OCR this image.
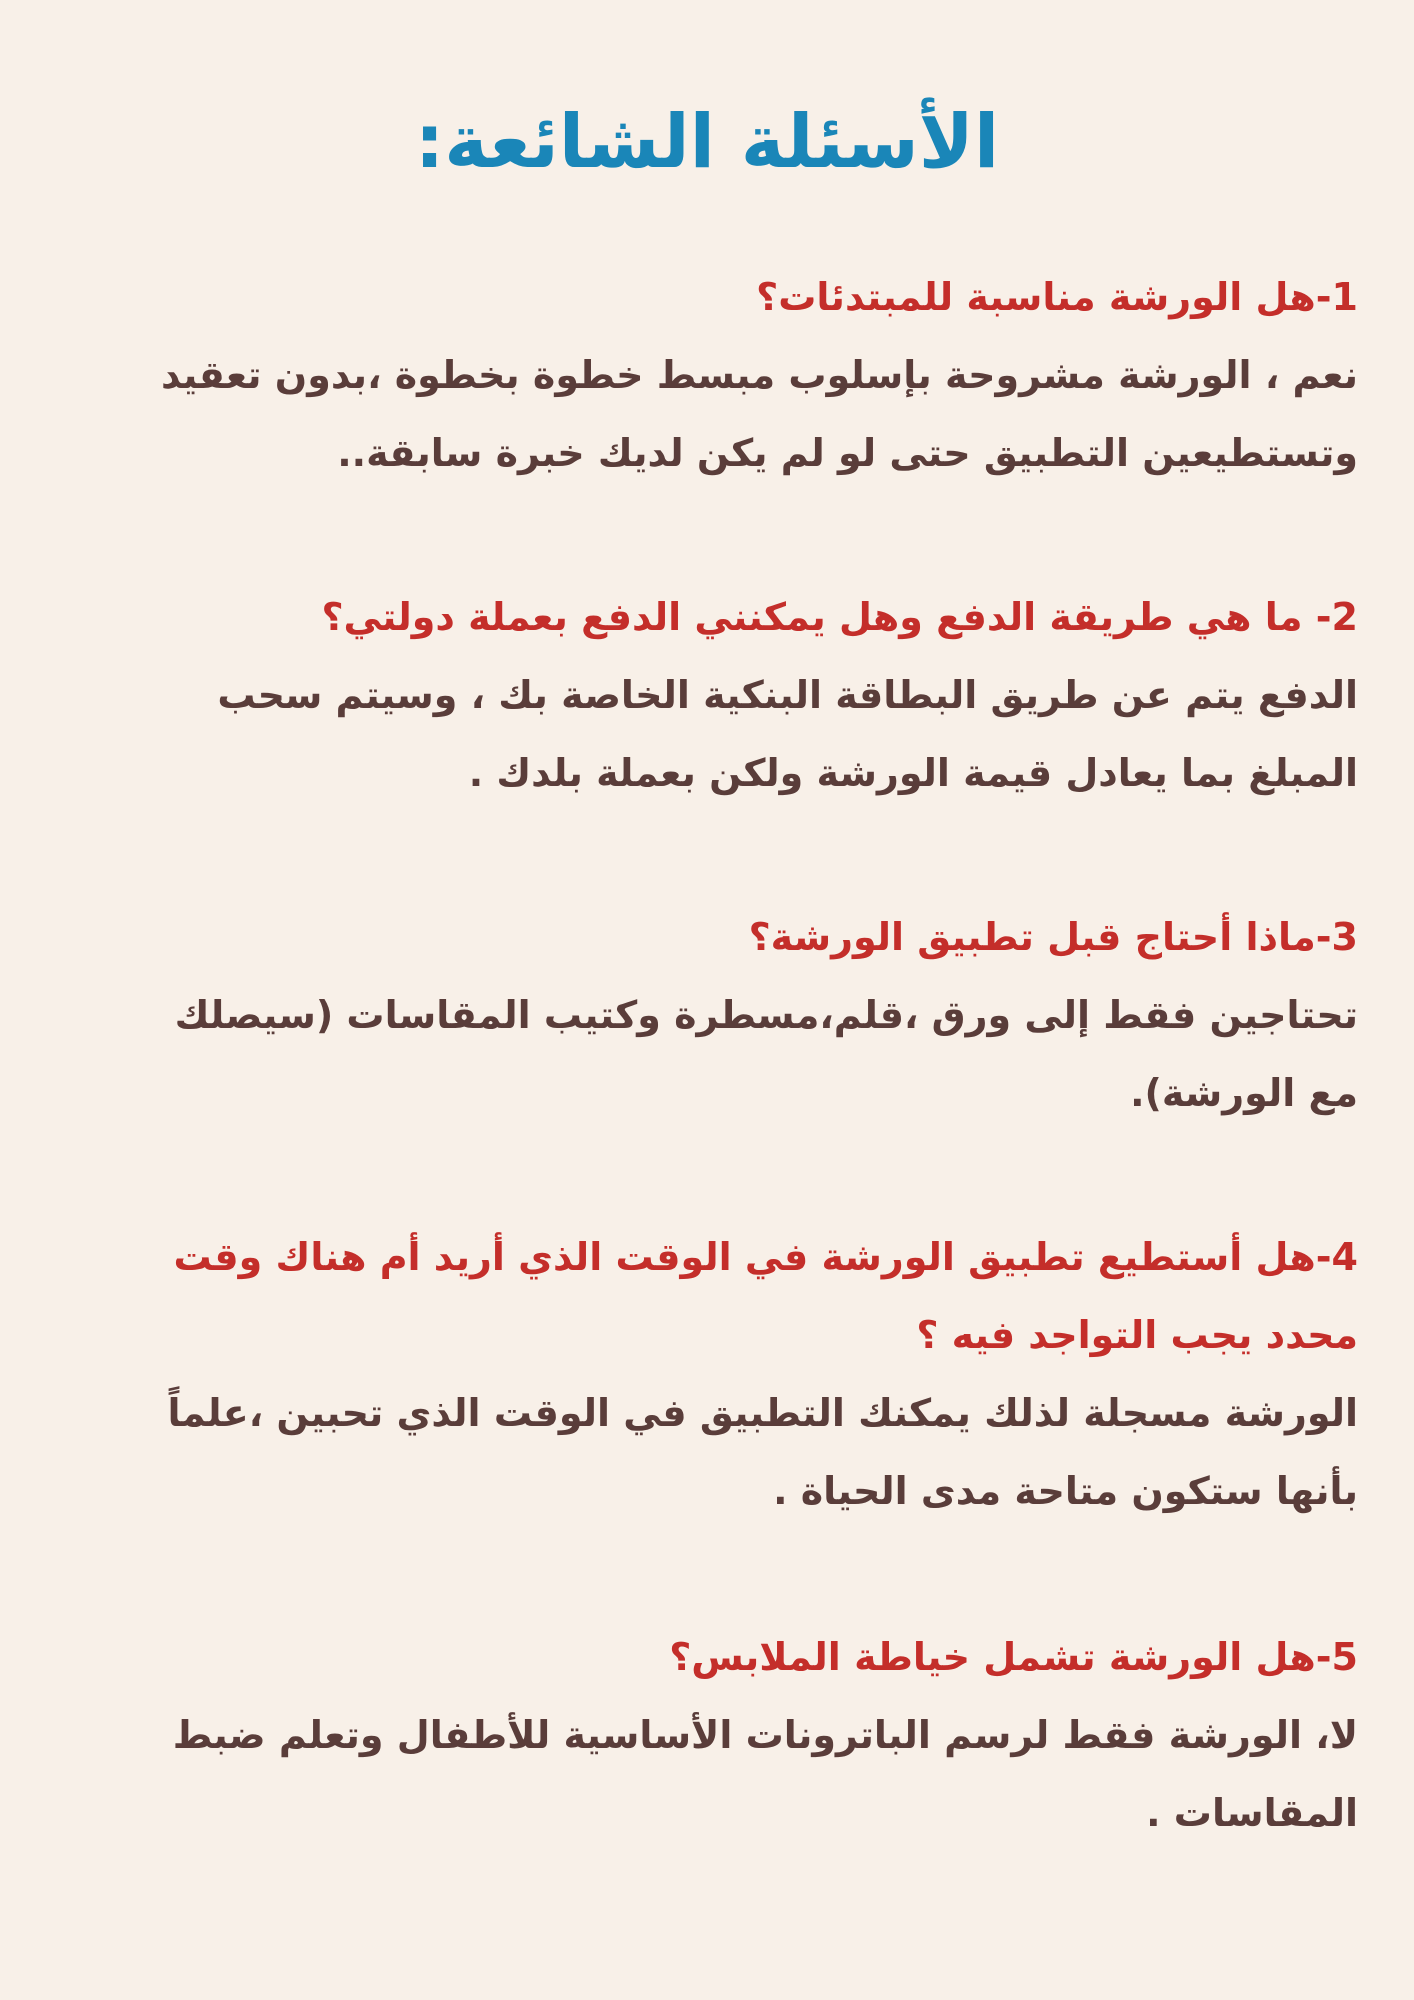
الأسئلة الشائعة:

1-هل الورشة مناسبة للمبتدئات؟

نعم ، الورشة مشروحة بإسلوب مبسط خطوة بخطوة ،بدون تعقيد وتستطيعين التطبيق حتى لو لم يكن لديك خبرة سابقة..

2- ما هي طريقة الدفع وهل يمكنني الدفع بعملة دولتي؟

الدفع يتم عن طريق البطاقة البنكية الخاصة بك ، وسيتم سحب المبلغ بما يعادل قيمة الورشة ولكن بعملة بلدك .

3-ماذا أحتاج قبل تطبيق الورشة؟

تحتاجين فقط إلى ورق ،قلم،مسطرة وكتيب المقاسات (سيصلك مع الورشة).

4-هل أستطيع تطبيق الورشة في الوقت الذي أريد أم هناك وقت محدد يجب التواجد فيه ؟

الورشة مسجلة لذلك يمكنك التطبيق في الوقت الذي تحبين ،علماً بأنها ستكون متاحة مدى الحياة .

5-هل الورشة تشمل خياطة الملابس؟

لا، الورشة فقط لرسم الباترونات الأساسية للأطفال وتعلم ضبط المقاسات .
